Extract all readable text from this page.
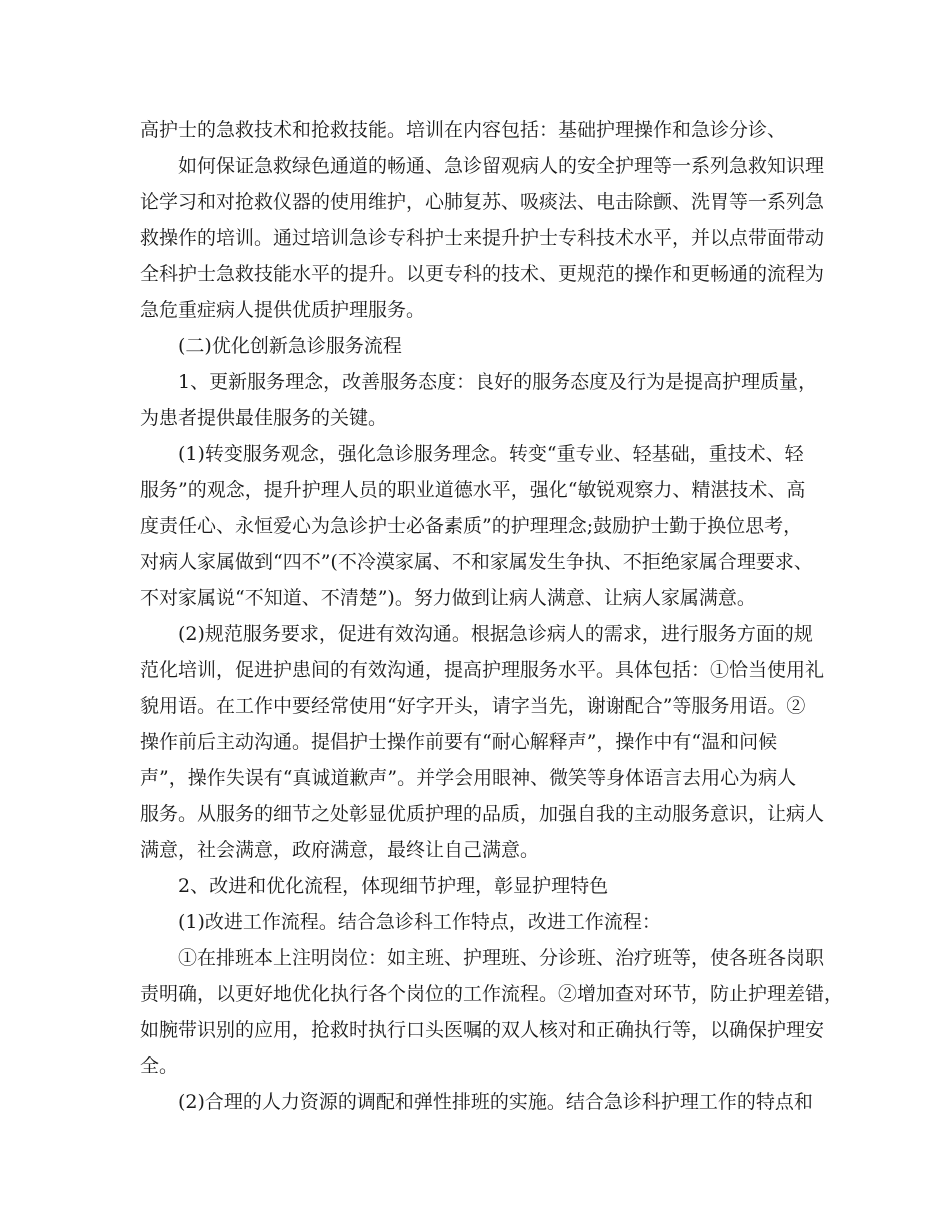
高护士的急救技术和抢救技能。培训在内容包括：基础护理操作和急诊分诊、
如何保证急救绿色通道的畅通、急诊留观病人的安全护理等一系列急救知识理
论学习和对抢救仪器的使用维护，心肺复苏、吸痰法、电击除颤、洗胃等一系列急
救操作的培训。通过培训急诊专科护士来提升护士专科技术水平，并以点带面带动
全科护士急救技能水平的提升。以更专科的技术、更规范的操作和更畅通的流程为
急危重症病人提供优质护理服务。
(二)优化创新急诊服务流程
1、更新服务理念，改善服务态度：良好的服务态度及行为是提高护理质量，
为患者提供最佳服务的关键。
(1)转变服务观念，强化急诊服务理念。转变“重专业、轻基础，重技术、轻
服务”的观念，提升护理人员的职业道德水平，强化“敏锐观察力、精湛技术、高
度责任心、永恒爱心为急诊护士必备素质”的护理理念;鼓励护士勤于换位思考，
对病人家属做到“四不”(不冷漠家属、不和家属发生争执、不拒绝家属合理要求、
不对家属说“不知道、不清楚”)。努力做到让病人满意、让病人家属满意。
(2)规范服务要求，促进有效沟通。根据急诊病人的需求，进行服务方面的规
范化培训，促进护患间的有效沟通，提高护理服务水平。具体包括：①恰当使用礼
貌用语。在工作中要经常使用“好字开头，请字当先，谢谢配合”等服务用语。②
操作前后主动沟通。提倡护士操作前要有“耐心解释声”，操作中有“温和问候
声”，操作失误有“真诚道歉声”。并学会用眼神、微笑等身体语言去用心为病人
服务。从服务的细节之处彰显优质护理的品质，加强自我的主动服务意识，让病人
满意，社会满意，政府满意，最终让自己满意。
2、改进和优化流程，体现细节护理，彰显护理特色
(1)改进工作流程。结合急诊科工作特点，改进工作流程：
①在排班本上注明岗位：如主班、护理班、分诊班、治疗班等，使各班各岗职
责明确，以更好地优化执行各个岗位的工作流程。②增加查对环节，防止护理差错，
如腕带识别的应用，抢救时执行口头医嘱的双人核对和正确执行等，以确保护理安
全。
(2)合理的人力资源的调配和弹性排班的实施。结合急诊科护理工作的特点和
